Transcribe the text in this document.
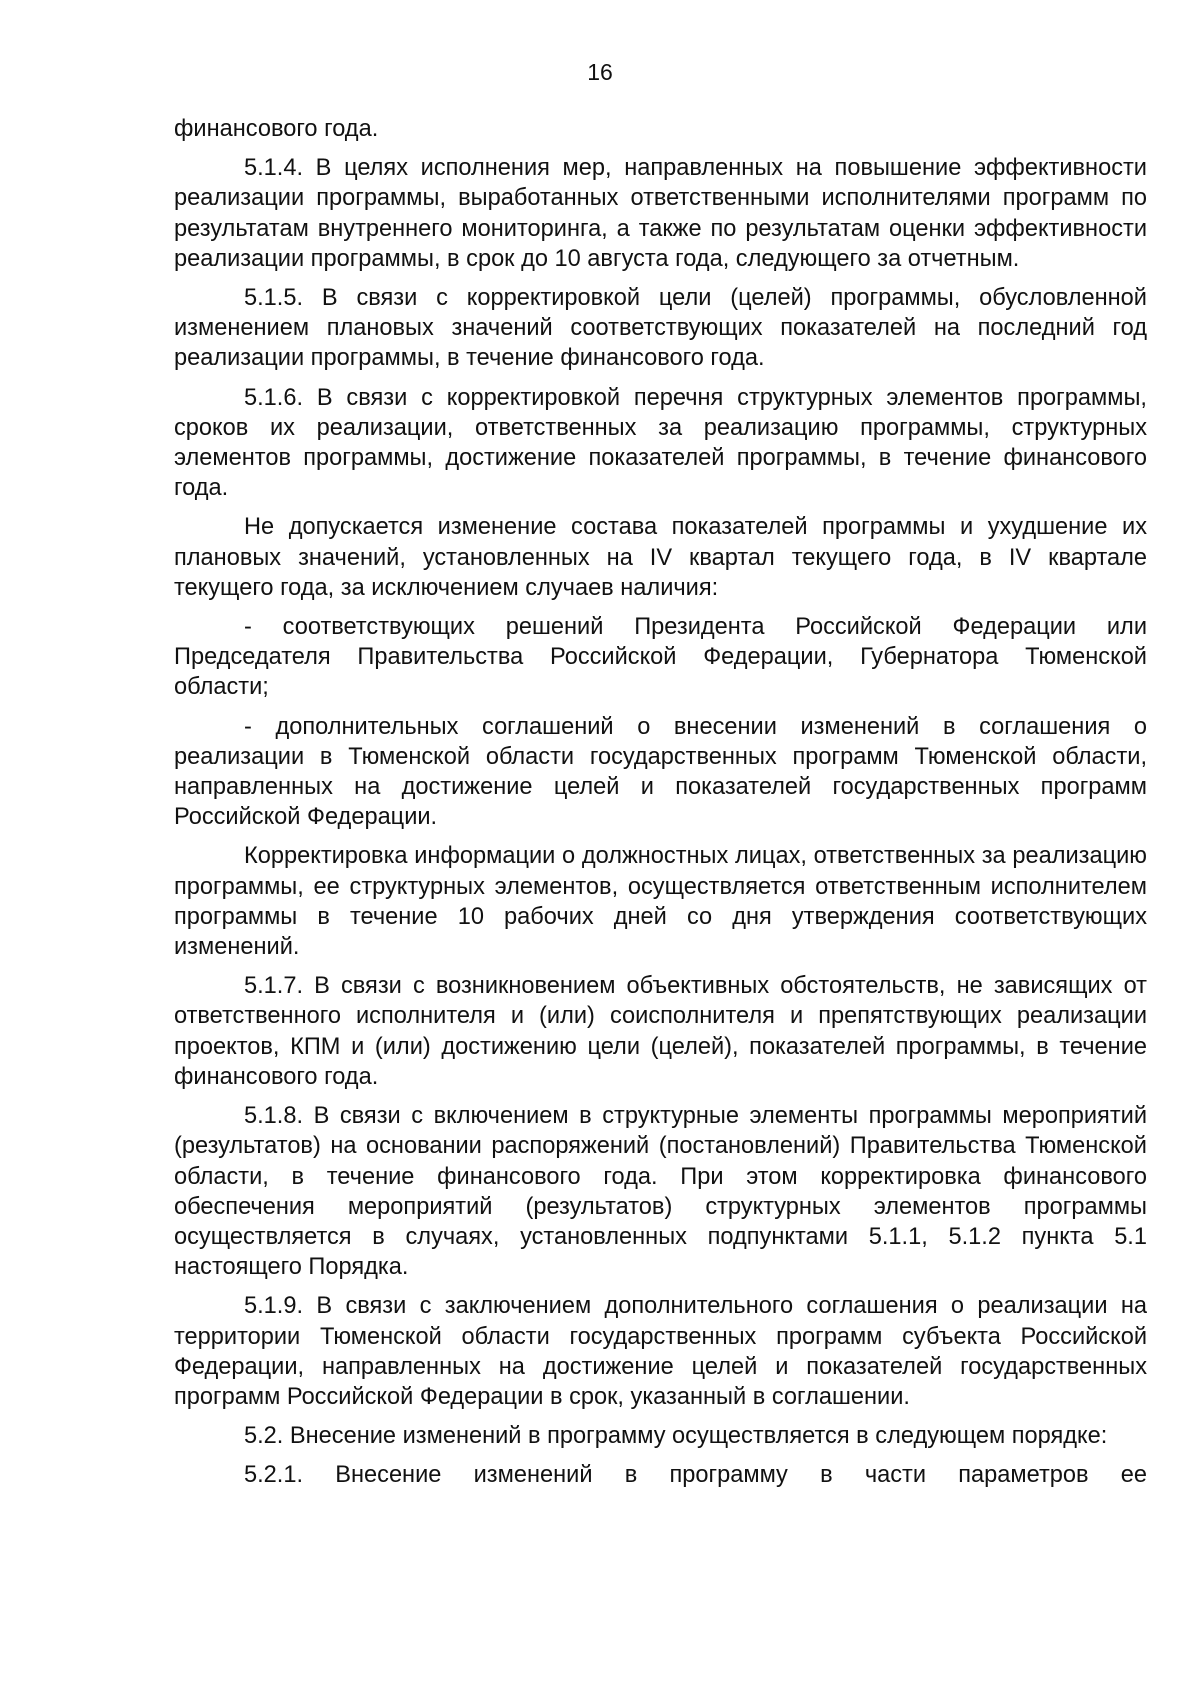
16

финансового года.

5.1.4. В целях исполнения мер, направленных на повышение эффективности реализации программы, выработанных ответственными исполнителями программ по результатам внутреннего мониторинга, а также по результатам оценки эффективности реализации программы, в срок до 10 августа года, следующего за отчетным.

5.1.5. В связи с корректировкой цели (целей) программы, обусловленной изменением плановых значений соответствующих показателей на последний год реализации программы, в течение финансового года.

5.1.6. В связи с корректировкой перечня структурных элементов программы, сроков их реализации, ответственных за реализацию программы, структурных элементов программы, достижение показателей программы, в течение финансового года.

Не допускается изменение состава показателей программы и ухудшение их плановых значений, установленных на IV квартал текущего года, в IV квартале текущего года, за исключением случаев наличия:

- соответствующих решений Президента Российской Федерации или Председателя Правительства Российской Федерации, Губернатора Тюменской области;

- дополнительных соглашений о внесении изменений в соглашения о реализации в Тюменской области государственных программ Тюменской области, направленных на достижение целей и показателей государственных программ Российской Федерации.

Корректировка информации о должностных лицах, ответственных за реализацию программы, ее структурных элементов, осуществляется ответственным исполнителем программы в течение 10 рабочих дней со дня утверждения соответствующих изменений.

5.1.7. В связи с возникновением объективных обстоятельств, не зависящих от ответственного исполнителя и (или) соисполнителя и препятствующих реализации проектов, КПМ и (или) достижению цели (целей), показателей программы, в течение финансового года.

5.1.8. В связи с включением в структурные элементы программы мероприятий (результатов) на основании распоряжений (постановлений) Правительства Тюменской области, в течение финансового года. При этом корректировка финансового обеспечения мероприятий (результатов) структурных элементов программы осуществляется в случаях, установленных подпунктами 5.1.1, 5.1.2 пункта 5.1 настоящего Порядка.

5.1.9. В связи с заключением дополнительного соглашения о реализации на территории Тюменской области государственных программ субъекта Российской Федерации, направленных на достижение целей и показателей государственных программ Российской Федерации в срок, указанный в соглашении.

5.2. Внесение изменений в программу осуществляется в следующем порядке:

5.2.1. Внесение изменений в программу в части параметров ее
